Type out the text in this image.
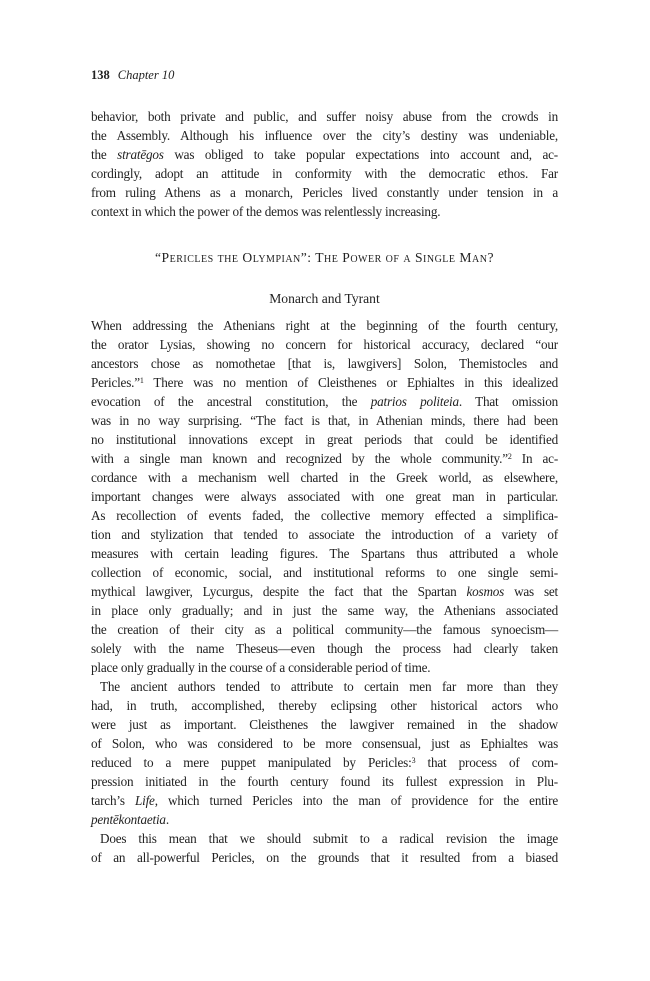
138 Chapter 10
behavior, both private and public, and suffer noisy abuse from the crowds in
the Assembly. Although his influence over the city’s destiny was undeniable,
the stratēgos was obliged to take popular expectations into account and, ac-
cordingly, adopt an attitude in conformity with the democratic ethos. Far
from ruling Athens as a monarch, Pericles lived constantly under tension in a
context in which the power of the demos was relentlessly increasing.
“Pericles the Olympian”: The Power of a Single Man?
Monarch and Tyrant
When addressing the Athenians right at the beginning of the fourth century,
the orator Lysias, showing no concern for historical accuracy, declared “our
ancestors chose as nomothetae [that is, lawgivers] Solon, Themistocles and
Pericles.”$^1$ There was no mention of Cleisthenes or Ephialtes in this idealized
evocation of the ancestral constitution, the patrios politeia. That omission
was in no way surprising. “The fact is that, in Athenian minds, there had been
no institutional innovations except in great periods that could be identified
with a single man known and recognized by the whole community.”$^2$ In ac-
cordance with a mechanism well charted in the Greek world, as elsewhere,
important changes were always associated with one great man in particular.
As recollection of events faded, the collective memory effected a simplifica-
tion and stylization that tended to associate the introduction of a variety of
measures with certain leading figures. The Spartans thus attributed a whole
collection of economic, social, and institutional reforms to one single semi-
mythical lawgiver, Lycurgus, despite the fact that the Spartan kosmos was set
in place only gradually; and in just the same way, the Athenians associated
the creation of their city as a political community—the famous synoecism—
solely with the name Theseus—even though the process had clearly taken
place only gradually in the course of a considerable period of time.
The ancient authors tended to attribute to certain men far more than they
had, in truth, accomplished, thereby eclipsing other historical actors who
were just as important. Cleisthenes the lawgiver remained in the shadow
of Solon, who was considered to be more consensual, just as Ephialtes was
reduced to a mere puppet manipulated by Pericles:$^3$ that process of com-
pression initiated in the fourth century found its fullest expression in Plu-
tarch’s Life, which turned Pericles into the man of providence for the entire
pentēkontaetia.
Does this mean that we should submit to a radical revision the image
of an all-powerful Pericles, on the grounds that it resulted from a biased
